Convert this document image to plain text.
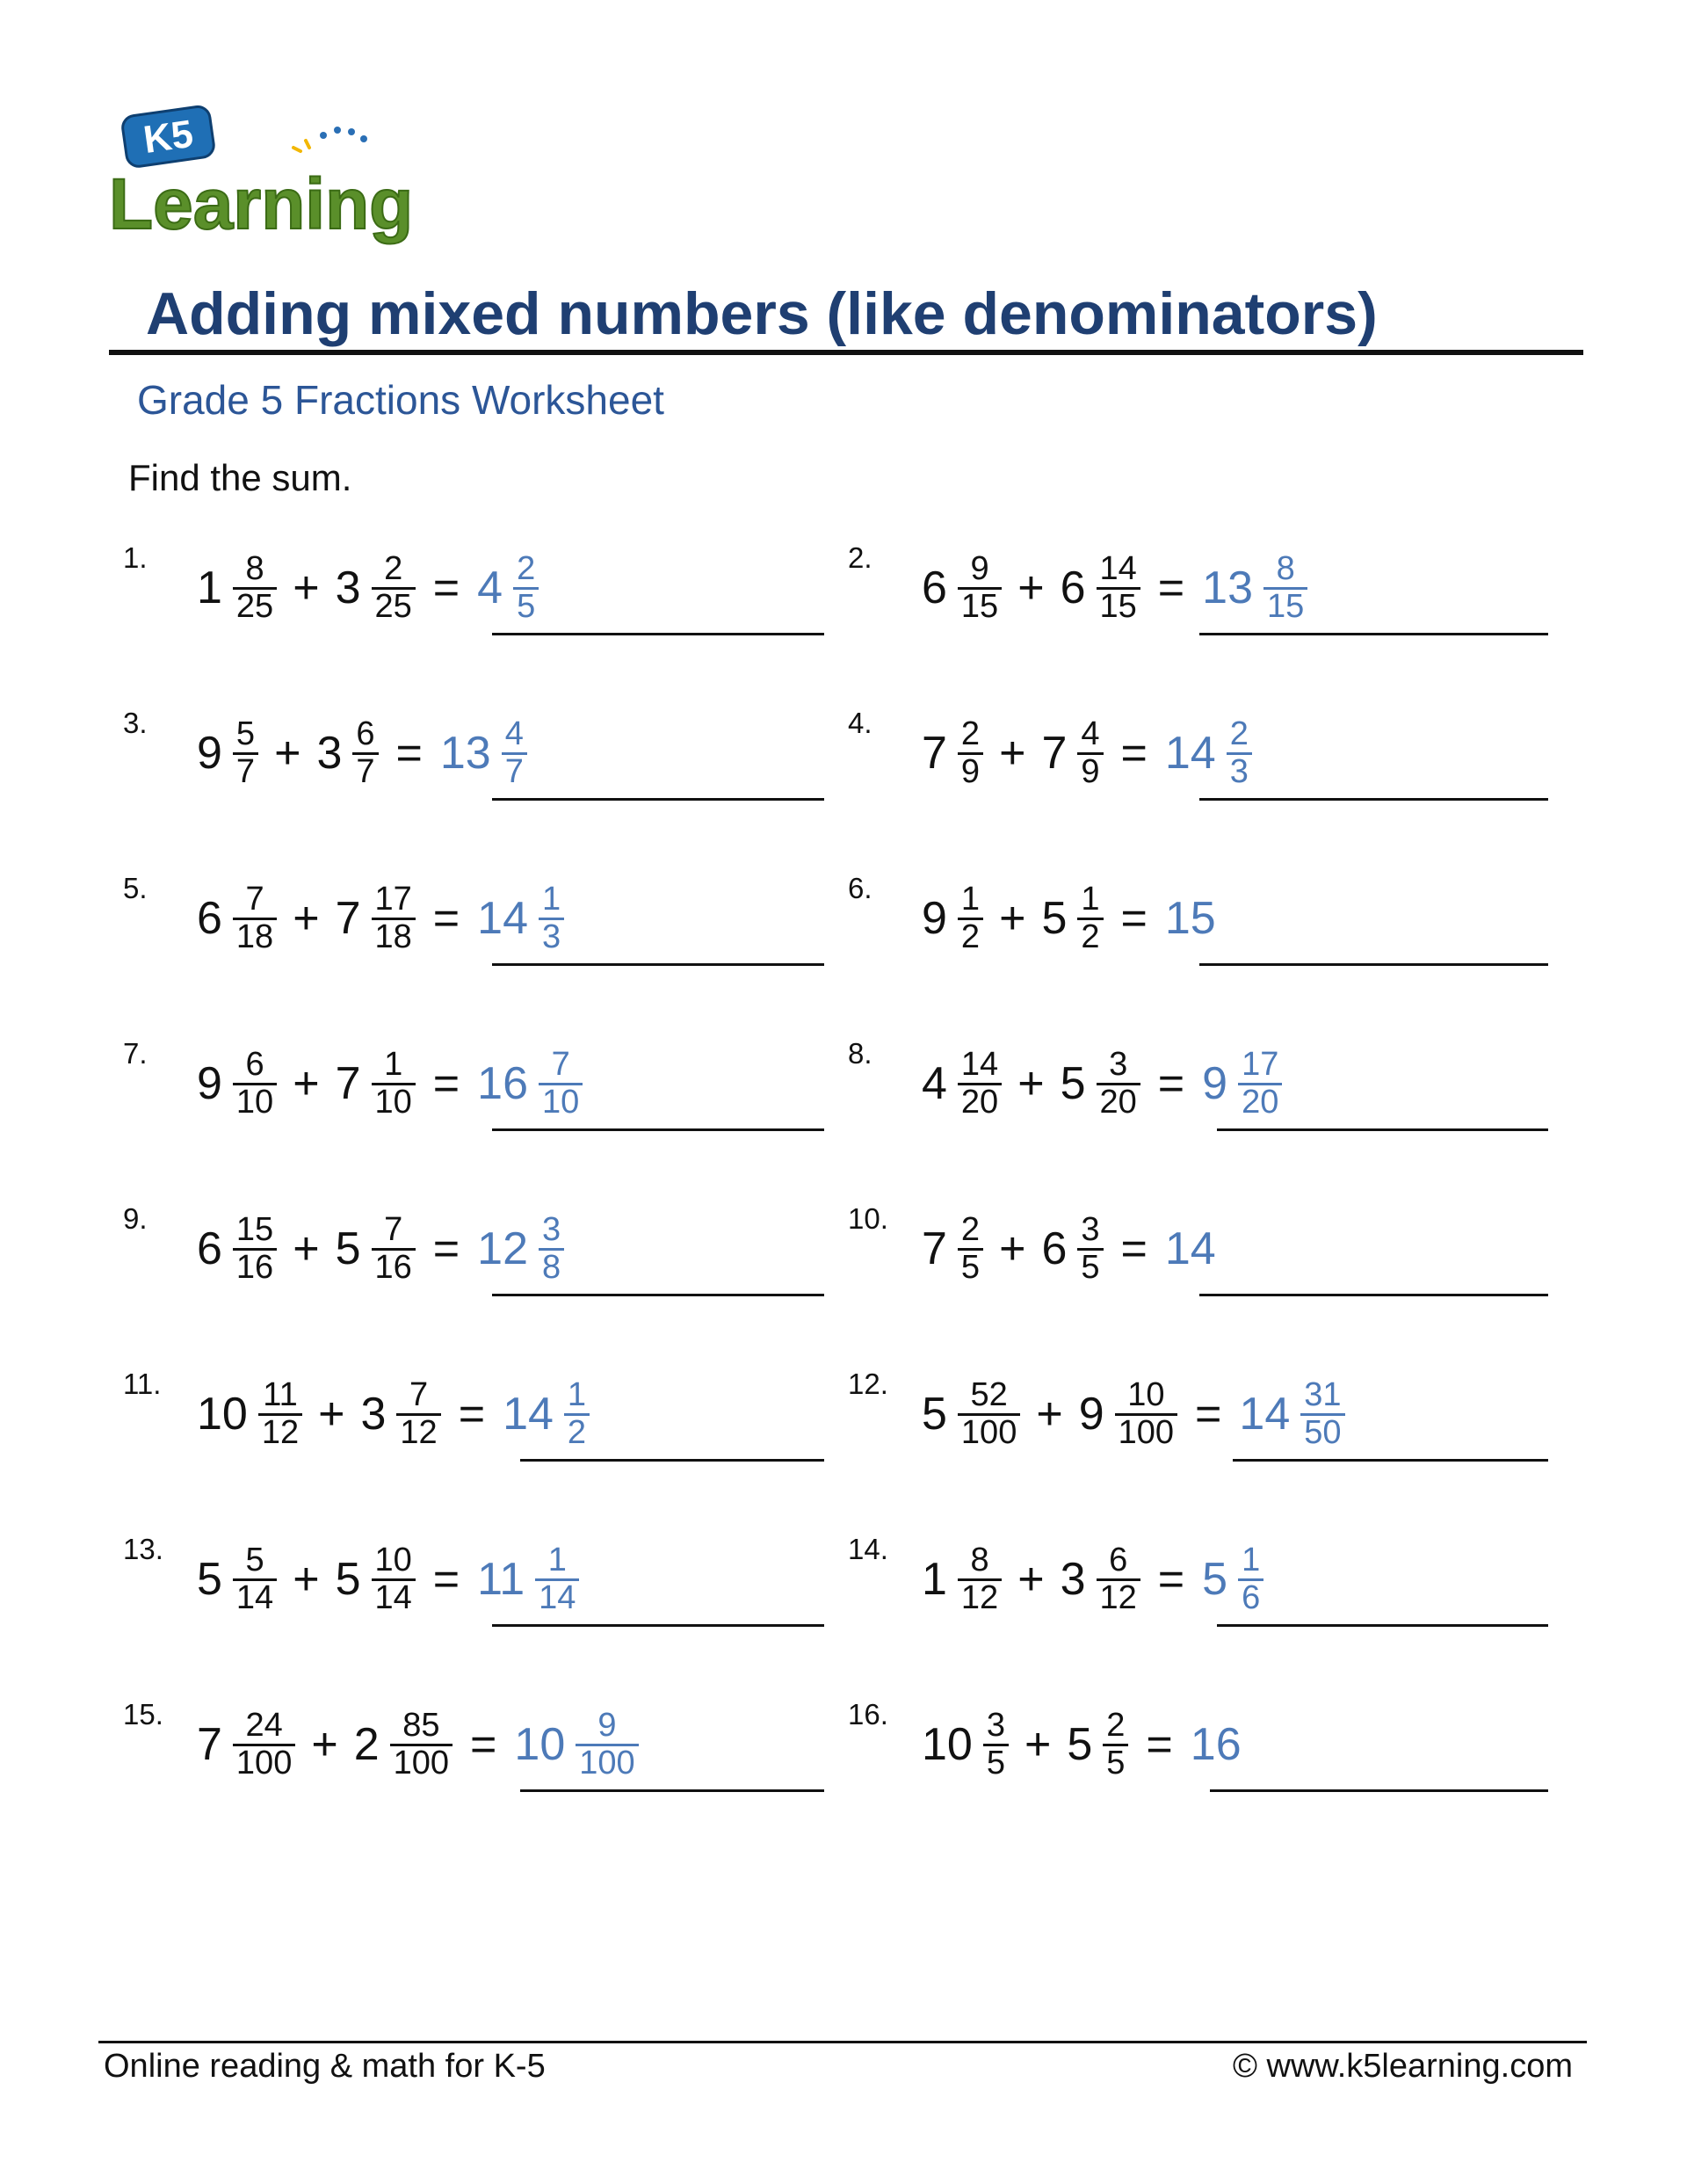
K5
Learning
Adding mixed numbers (like denominators)
Grade 5 Fractions Worksheet
Find the sum.
1.
$1 \frac{8}{25} + 3 \frac{2}{25} = 4 \frac{2}{5}$	2.
$6 \frac{9}{15} + 6 \frac{14}{15} = 13 \frac{8}{15}$
3.
$9 \frac{5}{7} + 3 \frac{6}{7} = 13 \frac{4}{7}$	4.
$7 \frac{2}{9} + 7 \frac{4}{9} = 14 \frac{2}{3}$
5.
$6 \frac{7}{18} + 7 \frac{17}{18} = 14 \frac{1}{3}$	6.
$9 \frac{1}{2} + 5 \frac{1}{2} = 15$
7.
$9 \frac{6}{10} + 7 \frac{1}{10} = 16 \frac{7}{10}$	8.
$4 \frac{14}{20} + 5 \frac{3}{20} = 9 \frac{17}{20}$
9.
$6 \frac{15}{16} + 5 \frac{7}{16} = 12 \frac{3}{8}$	10.
$7 \frac{2}{5} + 6 \frac{3}{5} = 14$
11.
$10 \frac{11}{12} + 3 \frac{7}{12} = 14 \frac{1}{2}$	12.
$5 \frac{52}{100} + 9 \frac{10}{100} = 14 \frac{31}{50}$
13.
$5 \frac{5}{14} + 5 \frac{10}{14} = 11 \frac{1}{14}$	14.
$1 \frac{8}{12} + 3 \frac{6}{12} = 5 \frac{1}{6}$
15.
$7 \frac{24}{100} + 2 \frac{85}{100} = 10 \frac{9}{100}$	16.
$10 \frac{3}{5} + 5 \frac{2}{5} = 16$
Online reading & math for K-5	© www.k5learning.com
